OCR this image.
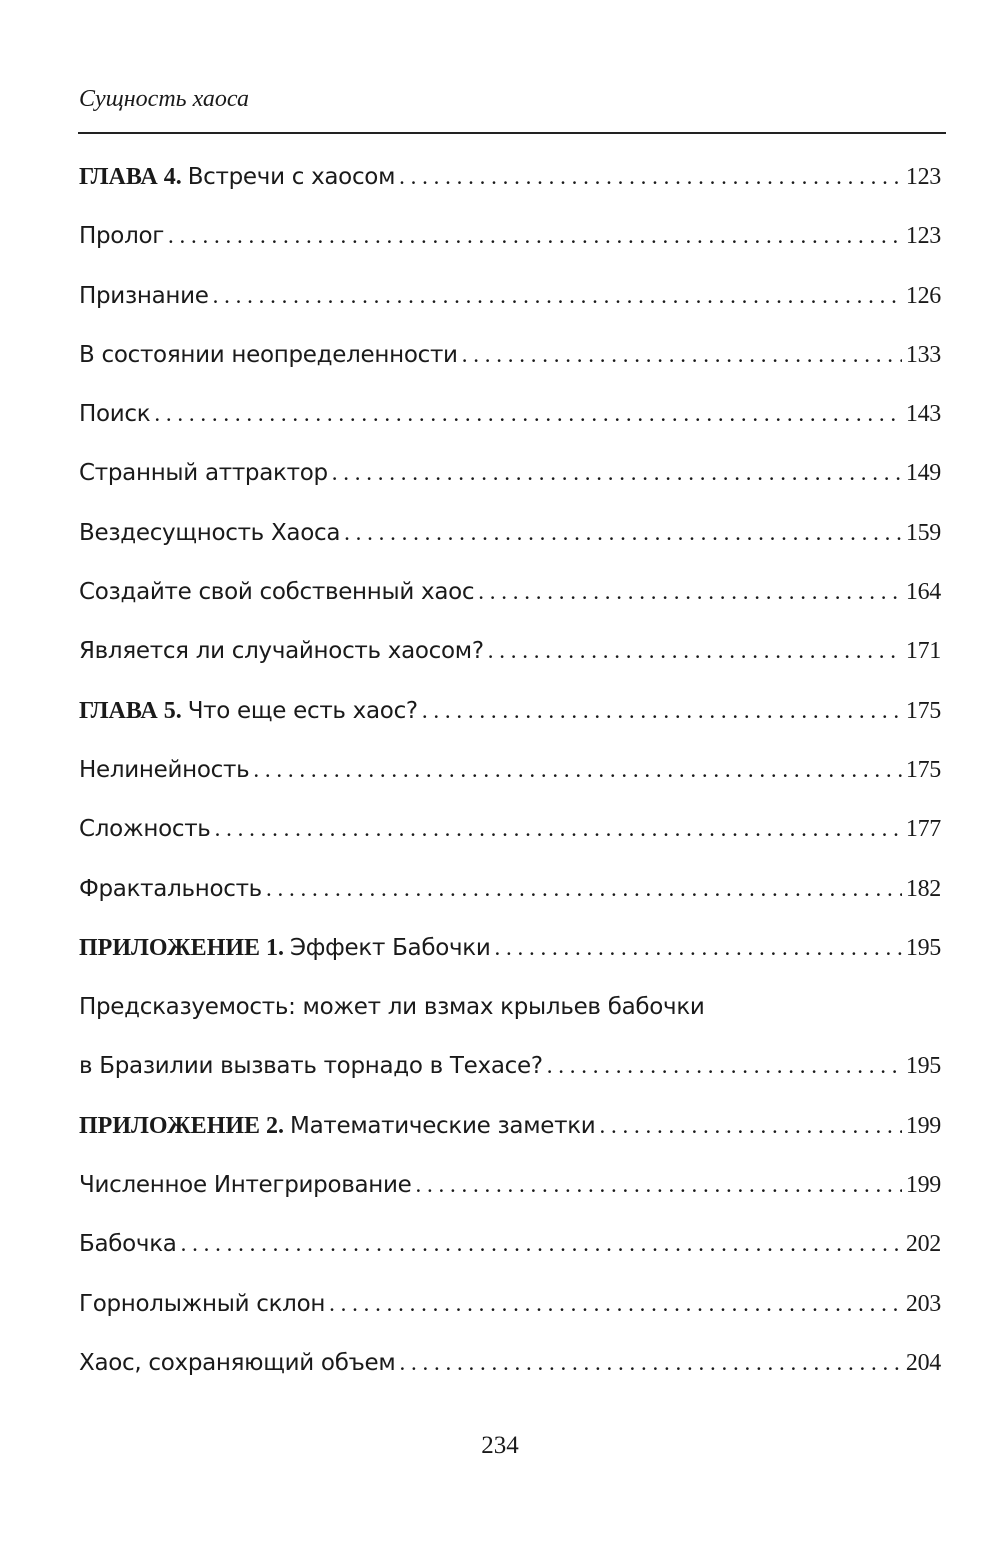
Сущность хаоса
ГЛАВА 4. Встречи с хаосом . . .	123
Пролог . . .	123
Признание . . .	126
В состоянии неопределенности . . .	133
Поиск . . .	143
Странный аттрактор . . .	149
Вездесущность Хаоса . . .	159
Создайте свой собственный хаос . . .	164
Является ли случайность хаосом? . . .	171
ГЛАВА 5. Что еще есть хаос? . . .	175
Нелинейность . . .	175
Сложность . . .	177
Фрактальность . . .	182
ПРИЛОЖЕНИЕ 1. Эффект Бабочки . . .	195
Предсказуемость: может ли взмах крыльев бабочки
в Бразилии вызвать торнадо в Техасе? . . .	195
ПРИЛОЖЕНИЕ 2. Математические заметки . . .	199
Численное Интегрирование . . .	199
Бабочка . . .	202
Горнолыжный склон . . .	203
Хаос, сохраняющий объем . . .	204
234
